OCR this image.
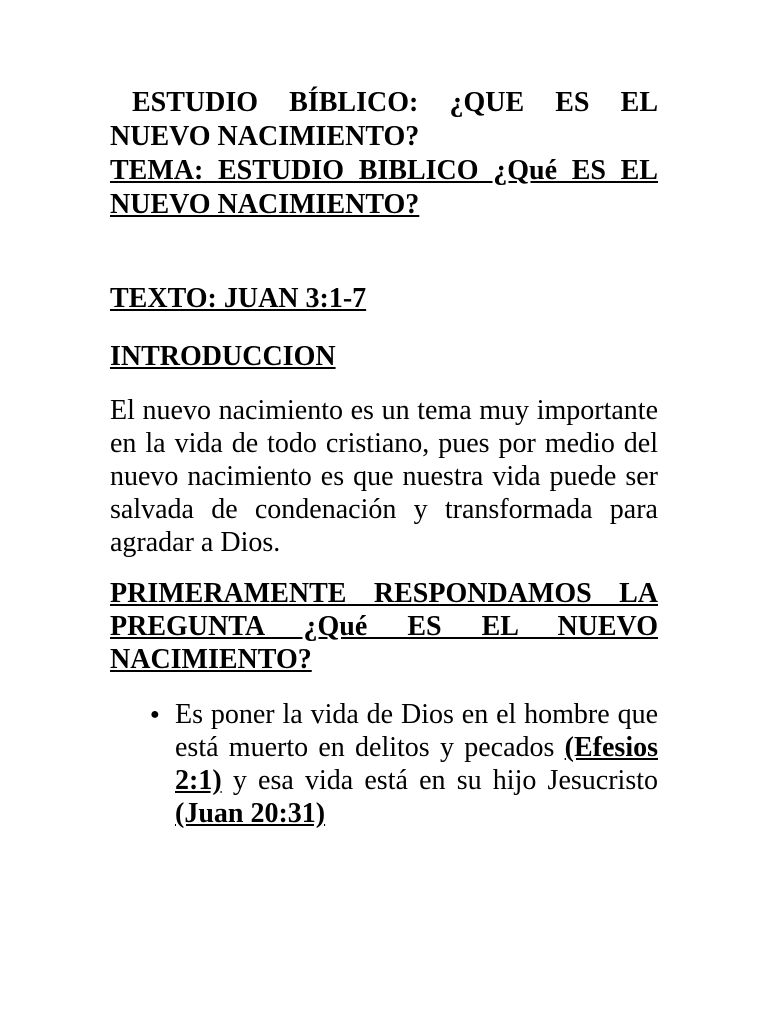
ESTUDIO BÍBLICO: ¿QUE ES EL NUEVO NACIMIENTO?

TEMA: ESTUDIO BIBLICO ¿Qué ES EL NUEVO NACIMIENTO?

TEXTO: JUAN 3:1-7

INTRODUCCION

El nuevo nacimiento es un tema muy importante en la vida de todo cristiano, pues por medio del nuevo nacimiento es que nuestra vida puede ser salvada de condenación y transformada para agradar a Dios.

PRIMERAMENTE RESPONDAMOS LA PREGUNTA ¿Qué ES EL NUEVO NACIMIENTO?

● Es poner la vida de Dios en el hombre que está muerto en delitos y pecados (Efesios 2:1) y esa vida está en su hijo Jesucristo (Juan 20:31)
